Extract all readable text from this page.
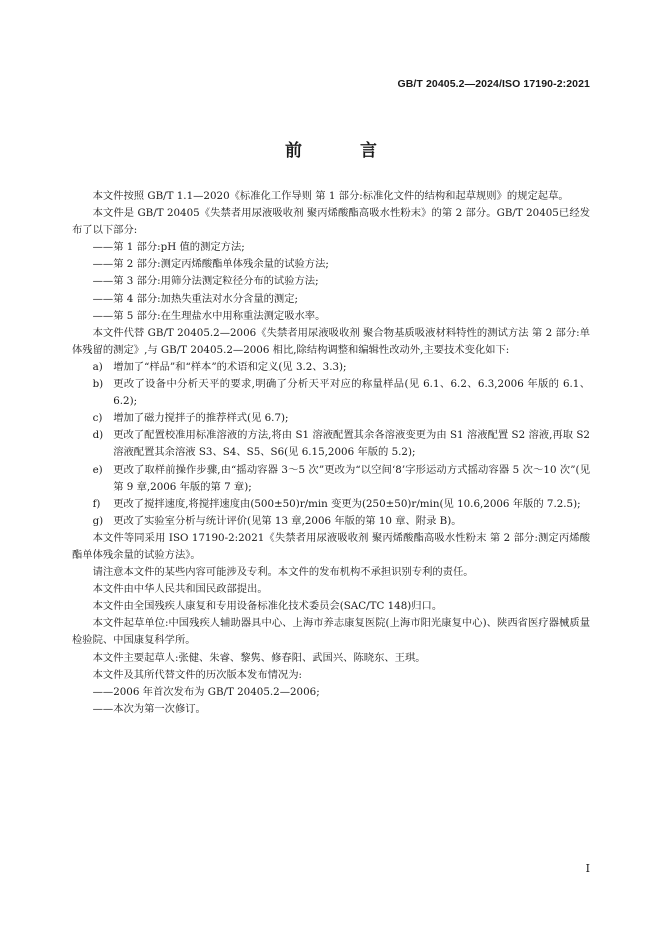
GB/T 20405.2—2024/ISO 17190-2:2021
前 言

本文件按照 GB/T 1.1—2020《标准化工作导则 第 1 部分:标准化文件的结构和起草规则》的规定起草。

本文件是 GB/T 20405《失禁者用尿液吸收剂 聚丙烯酸酯高吸水性粉末》的第 2 部分。GB/T 20405已经发布了以下部分:

——第 1 部分:pH 值的测定方法;

——第 2 部分:测定丙烯酸酯单体残余量的试验方法;

——第 3 部分:用筛分法测定粒径分布的试验方法;

——第 4 部分:加热失重法对水分含量的测定;

——第 5 部分:在生理盐水中用称重法测定吸水率。

本文件代替 GB/T 20405.2—2006《失禁者用尿液吸收剂 聚合物基质吸液材料特性的测试方法 第 2 部分:单体残留的测定》,与 GB/T 20405.2—2006 相比,除结构调整和编辑性改动外,主要技术变化如下:

a)	增加了“样品”和“样本”的术语和定义(见 3.2、3.3);
b) 更改了设备中分析天平的要求,明确了分析天平对应的称量样品(见 6.1、6.2、6.3,2006 年版的 6.1、6.2);
c)	增加了磁力搅拌子的推荐样式(见 6.7);
d) 更改了配置校准用标准溶液的方法,将由 S1 溶液配置其余各溶液变更为由 S1 溶液配置 S2 溶液,再取 S2 溶液配置其余溶液 S3、S4、S5、S6(见 6.15,2006 年版的 5.2);
e)	更改了取样前操作步骤,由“摇动容器 3～5 次”更改为“以空间‘8’字形运动方式摇动容器 5 次～10 次”(见第 9 章,2006 年版的第 7 章);
f)	更改了搅拌速度,将搅拌速度由(500±50)r/min 变更为(250±50)r/min(见 10.6,2006 年版的 7.2.5);
g) 更改了实验室分析与统计评价(见第 13 章,2006 年版的第 10 章、附录 B)。

本文件等同采用 ISO 17190-2:2021《失禁者用尿液吸收剂 聚丙烯酸酯高吸水性粉末 第 2 部分:测定丙烯酸酯单体残余量的试验方法》。

请注意本文件的某些内容可能涉及专利。本文件的发布机构不承担识别专利的责任。

本文件由中华人民共和国民政部提出。

本文件由全国残疾人康复和专用设备标准化技术委员会(SAC/TC 148)归口。

本文件起草单位:中国残疾人辅助器具中心、上海市养志康复医院(上海市阳光康复中心)、陕西省医疗器械质量检验院、中国康复科学所。

本文件主要起草人:张健、朱睿、黎隽、修春阳、武国兴、陈晓东、王琪。

本文件及其所代替文件的历次版本发布情况为:

——2006 年首次发布为 GB/T 20405.2—2006;

——本次为第一次修订。

I
